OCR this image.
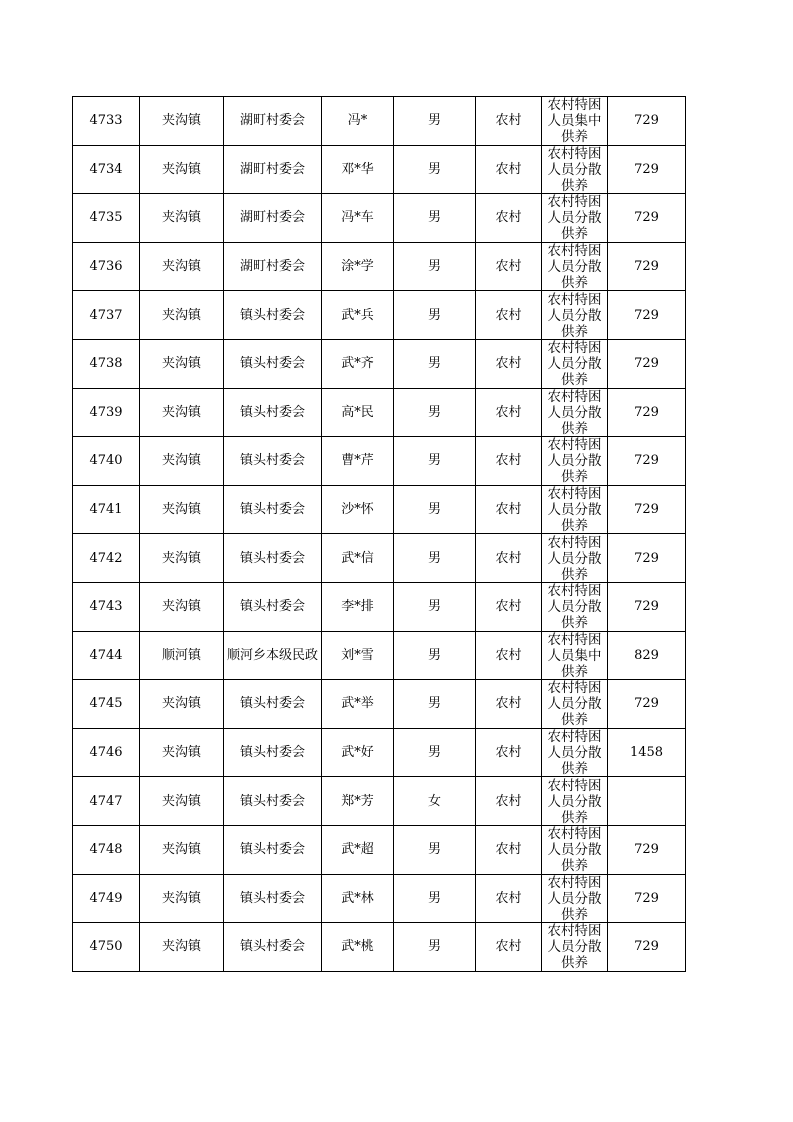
4733	夹沟镇	湖町村委会	冯*	男	农村	农村特困人员集中供养	729
4734	夹沟镇	湖町村委会	邓*华	男	农村	农村特困人员分散供养	729
4735	夹沟镇	湖町村委会	冯*车	男	农村	农村特困人员分散供养	729
4736	夹沟镇	湖町村委会	涂*学	男	农村	农村特困人员分散供养	729
4737	夹沟镇	镇头村委会	武*兵	男	农村	农村特困人员分散供养	729
4738	夹沟镇	镇头村委会	武*齐	男	农村	农村特困人员分散供养	729
4739	夹沟镇	镇头村委会	高*民	男	农村	农村特困人员分散供养	729
4740	夹沟镇	镇头村委会	曹*芹	男	农村	农村特困人员分散供养	729
4741	夹沟镇	镇头村委会	沙*怀	男	农村	农村特困人员分散供养	729
4742	夹沟镇	镇头村委会	武*信	男	农村	农村特困人员分散供养	729
4743	夹沟镇	镇头村委会	李*排	男	农村	农村特困人员分散供养	729
4744	顺河镇	顺河乡本级民政	刘*雪	男	农村	农村特困人员集中供养	829
4745	夹沟镇	镇头村委会	武*举	男	农村	农村特困人员分散供养	729
4746	夹沟镇	镇头村委会	武*好	男	农村	农村特困人员分散供养	1458
4747	夹沟镇	镇头村委会	郑*芳	女	农村	农村特困人员分散供养	

4748	夹沟镇	镇头村委会	武*超	男	农村	农村特困人员分散供养	729
4749	夹沟镇	镇头村委会	武*林	男	农村	农村特困人员分散供养	729
4750	夹沟镇	镇头村委会	武*桃	男	农村	农村特困人员分散供养	729
